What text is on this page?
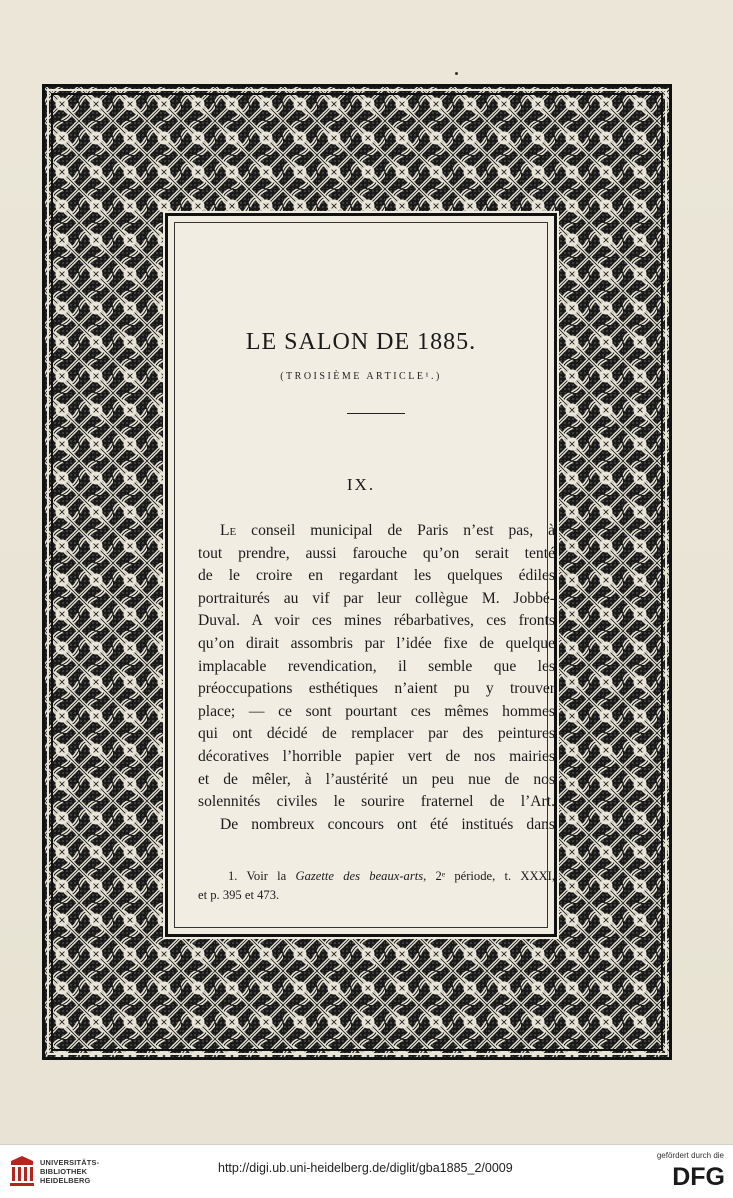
LE SALON DE 1885.
(TROISIÈME ARTICLE¹.)
IX.
Le conseil municipal de Paris n’est pas, à
tout prendre, aussi farouche qu’on serait tenté
de le croire en regardant les quelques édiles
portraiturés au vif par leur collègue M. Jobbé-
Duval. A voir ces mines rébarbatives, ces fronts
qu’on dirait assombris par l’idée fixe de quelque
implacable revendication, il semble que les
préoccupations esthétiques n’aient pu y trouver
place; — ce sont pourtant ces mêmes hommes
qui ont décidé de remplacer par des peintures
décoratives l’horrible papier vert de nos mairies
et de mêler, à l’austérité un peu nue de nos
solennités civiles le sourire fraternel de l’Art.
De nombreux concours ont été institués dans
1. Voir la Gazette des beaux-arts, 2ᵉ période, t. XXXI,
et p. 395 et 473.
UNIVERSITÄTS-
BIBLIOTHEK
HEIDELBERG
http://digi.ub.uni-heidelberg.de/diglit/gba1885_2/0009
gefördert durch die
DFG
